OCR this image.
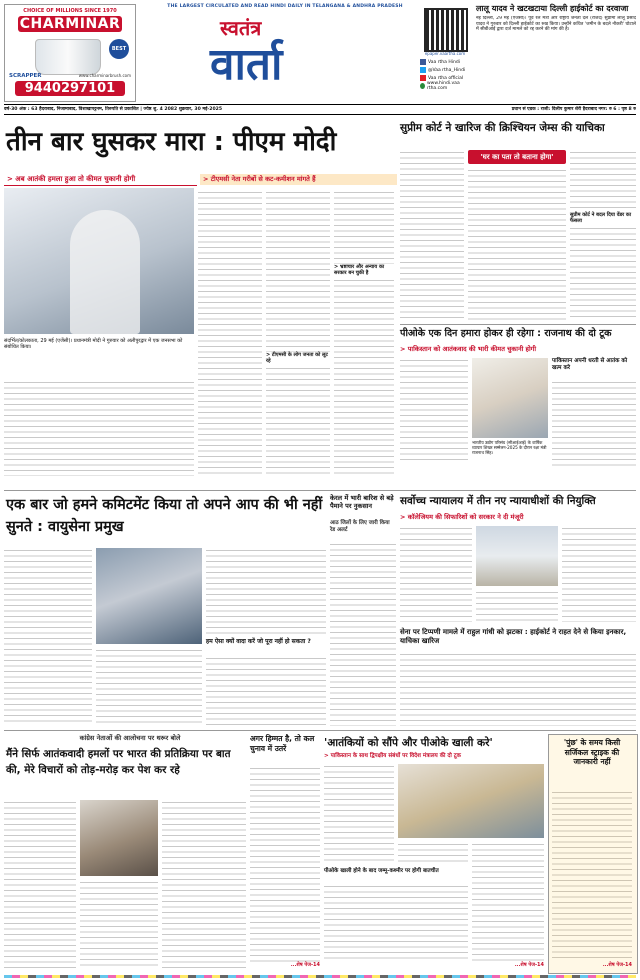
CHOICE OF MILLIONS SINCE 1970
CHARMINAR
BEST
SCRAPPER	www.charminarbrush.com
9440297101
THE LARGEST CIRCULATED AND READ HINDI DAILY IN TELANGANA & ANDHRA PRADESH
स्वतंत्र
वार्ता	epaper.vaartha.com
Vaa rtha Hindi
@Vaa rtha_Hindi
Vaa rtha official
www.hindi.vaa rtha.com
लालू यादव ने खटखटाया दिल्ली हाईकोर्ट का दरवाजा
नई दिल्ली, 29 मई (एजेंसी)। पूर्व रेल मंत्री और राष्ट्रीय जनता दल (राजद) सुप्रीमो लालू प्रसाद यादव ने गुरुवार को दिल्ली हाईकोर्ट का रुख किया। उन्होंने कथित 'जमीन के बदले नौकरी' घोटाले में सीबीआई द्वारा दर्ज मामले को रद्द करने की मांग की है।
वर्ष-30 अंक : 63 हैदराबाद, निजामाबाद, विशाखापट्टनम, तिरुपति से प्रकाशित | ज्येष्ठ शु. 4 2082 शुक्रवार, 30 मई-2025	प्रधान सं एडक : राजी: दिलीप कुमार शेरी हैदराबाद नगर: रु 6 : पृष्ठ 8 रु
तीन बार घुसकर मारा : पीएम मोदी
> अब आतंकी हमला हुआ तो कीमत चुकानी होगी	> टीएमसी नेता गरीबों से कट-कमीशन मांगते हैं
संदर्भित/कोलकाता, 29 मई (एजेंसी)। प्रधानमंत्री मोदी ने गुरुवार को अलीपुरद्वार में एक जनसभा को संबोधित किया।
> टीएमसी के लोग जनता को लूट रहे
> भ्रष्टाचार और अन्याय का सरकार बन चुकी है
सुप्रीम कोर्ट ने खारिज की क्रिश्चियन जेम्स की याचिका
'घर का पता तो बताना होगा'
सुप्रीम कोर्ट ने बदल दिया वेंडर का फैसला
पीओके एक दिन हमारा होकर ही रहेगा : राजनाथ की दो टूक
> पाकिस्तान को आतंकवाद की भारी कीमत चुकानी होगी
भारतीय उद्योग परिसंघ (सीआईआई) के वार्षिक व्यापार शिखर सम्मेलन-2025 के दौरान रक्षा मंत्री राजनाथ सिंह।
पाकिस्तान अपनी धरती से आतंक को खत्म करे
एक बार जो हमने कमिटमेंट किया तो अपने आप की भी नहीं सुनते : वायुसेना प्रमुख
हम ऐसा क्यों वादा करें जो पूरा नहीं हो सकता ?
केरल में भारी बारिश से बड़े पैमाने पर नुकसान
आठ जिलों के लिए जारी किया रेड अलर्ट
सर्वोच्च न्यायालय में तीन नए न्यायाधीशों की नियुक्ति
> कॉलेजियम की सिफारिशों को सरकार ने दी मंजूरी
सेना पर टिप्पणी मामले में राहुल गांधी को झटका : हाईकोर्ट ने राहत देने से किया इनकार, याचिका खारिज
कांग्रेस नेताओं की आलोचना पर थरूर बोले
मैंने सिर्फ आतंकवादी हमलों पर भारत की प्रतिक्रिया पर बात की, मेरे विचारों को तोड़-मरोड़ कर पेश कर रहे
अगर हिम्मत है, तो कल चुनाव में उतरें
...शेष पेज-14
'आतंकियों को सौंपे और पीओके खाली करे'
> पाकिस्तान के साथ द्विपक्षीय संबंधों पर विदेश मंत्रालय की दो टूक
पीओके खाली होने के बाद जम्मू-कश्मीर पर होगी बातचीत
...शेष पेज-14
'पुंछ' के समय किसी सर्जिकल स्ट्राइक की जानकारी नहीं
...शेष पेज-14
